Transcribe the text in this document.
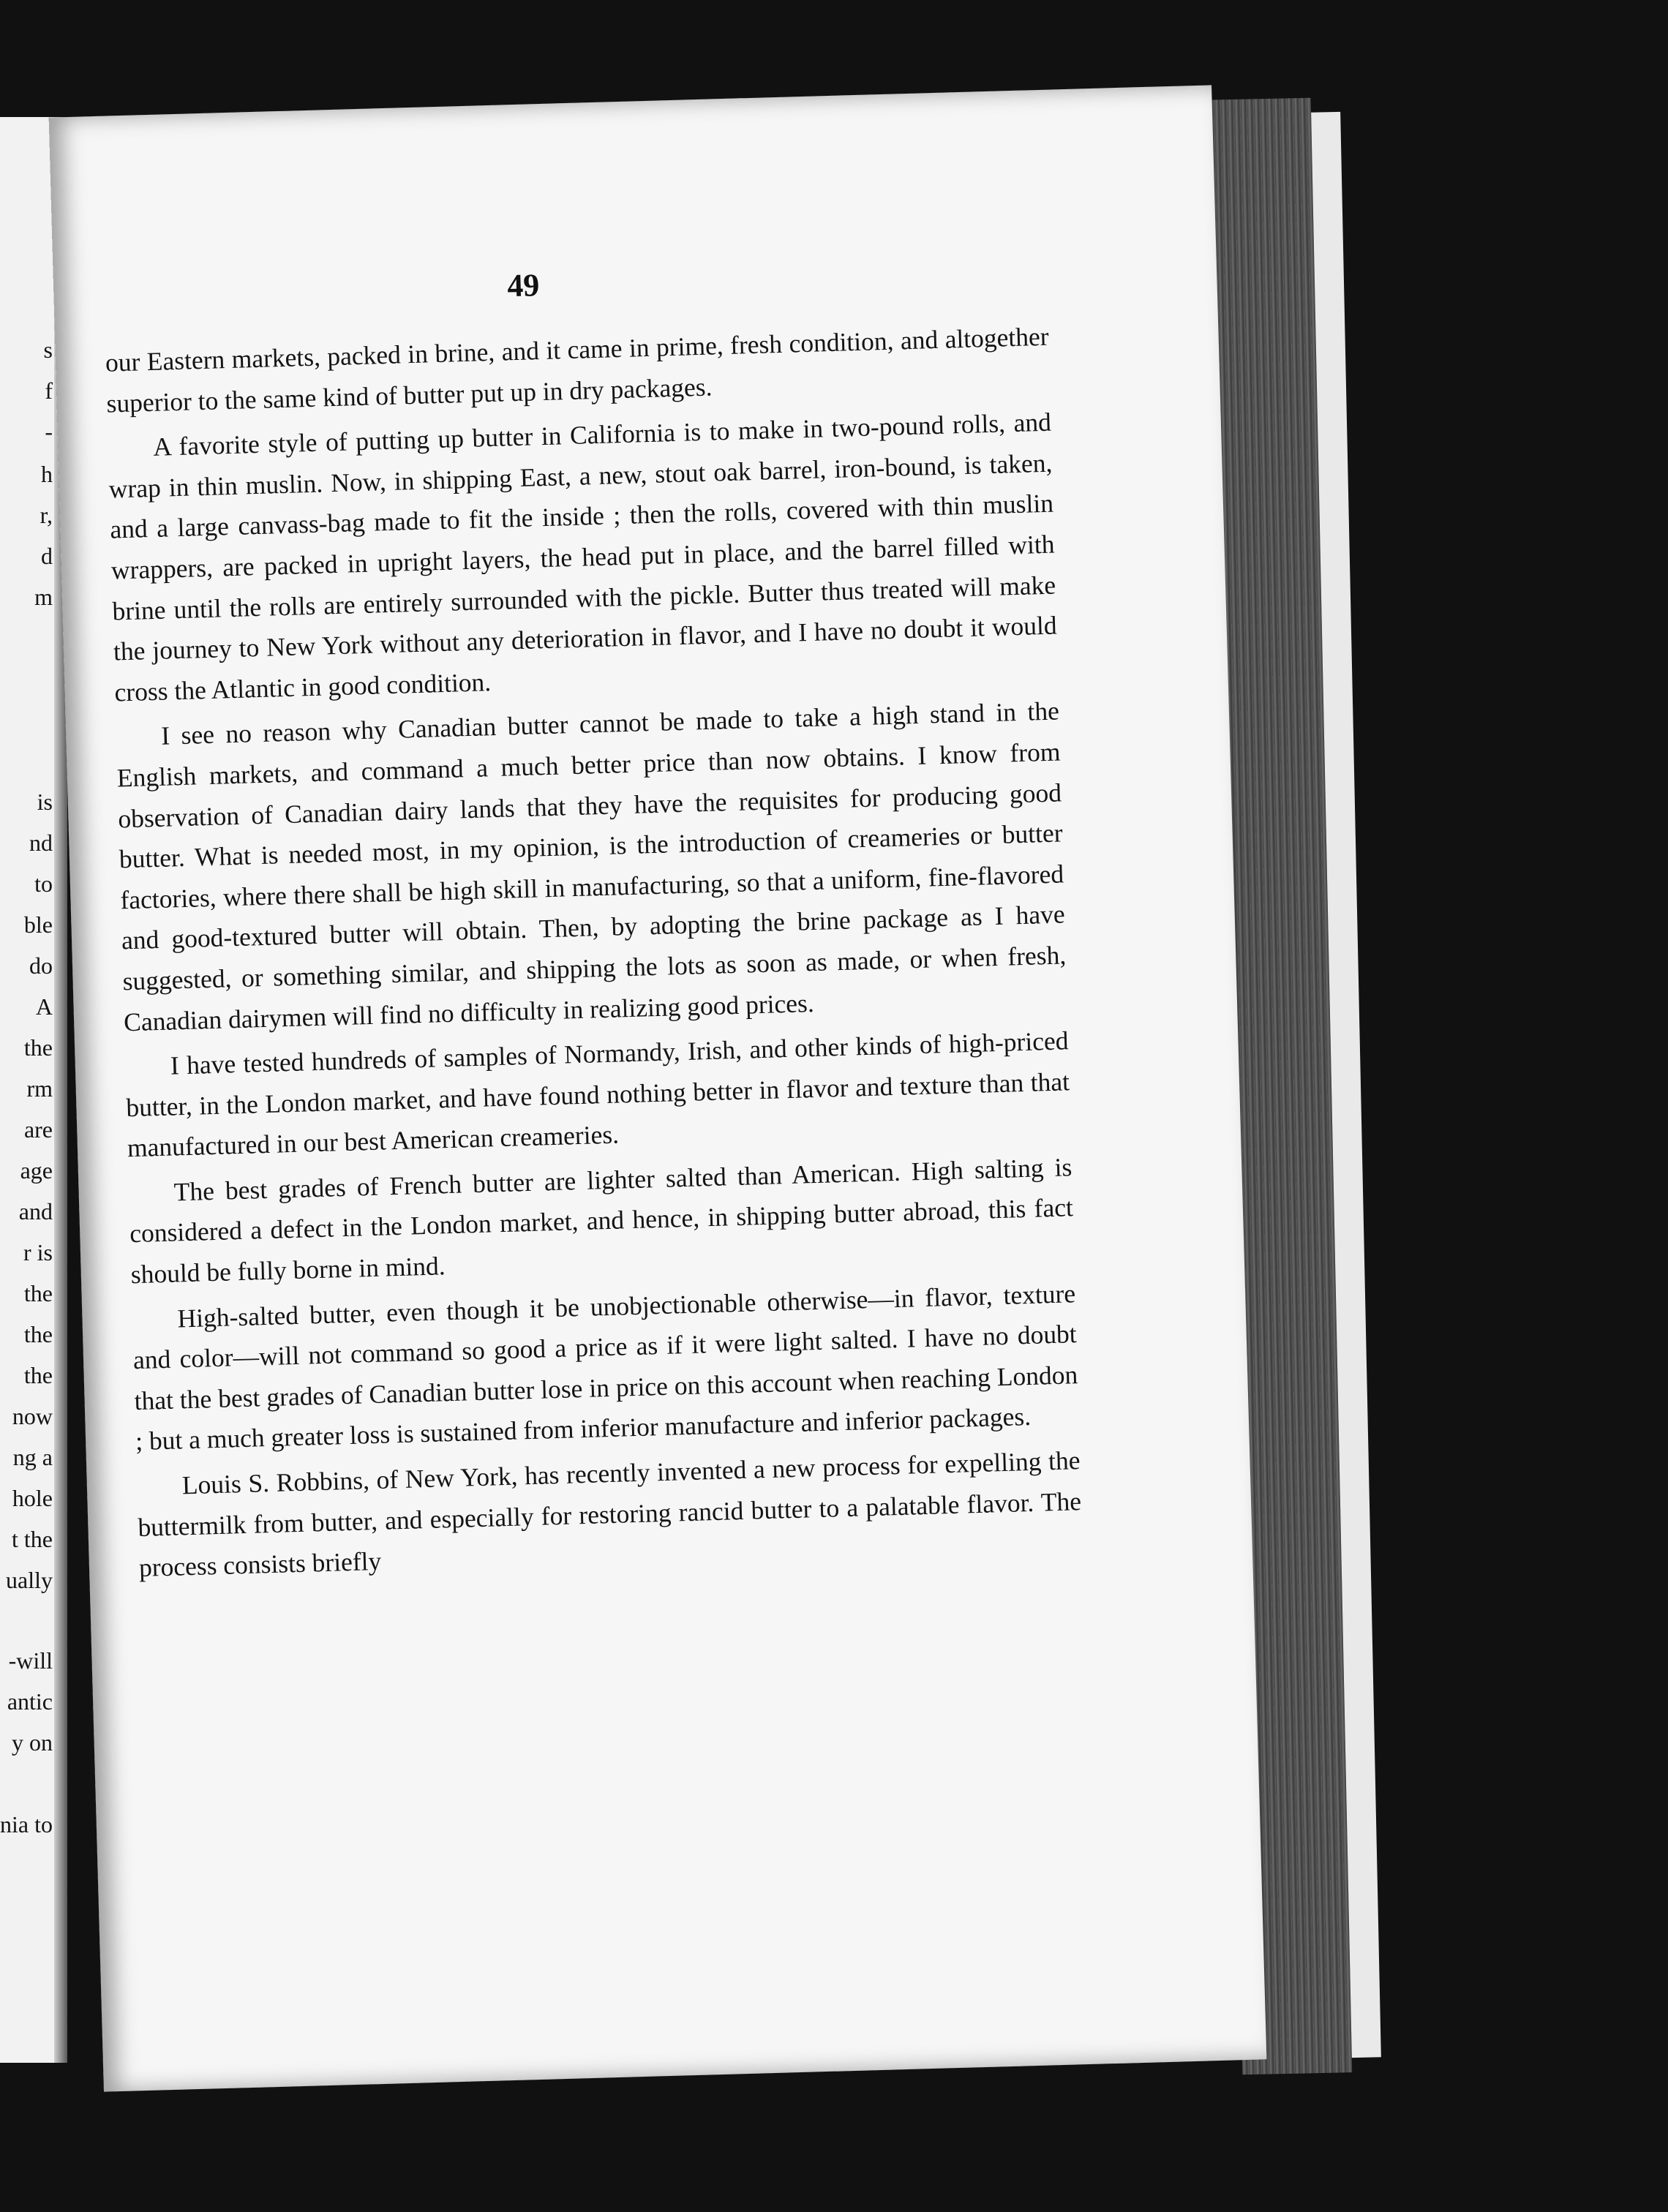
s
f
-
h
r,
d
m
is
nd
to
ble
do
A
the
rm
are
age
and
r is
the
the
the
now
ng a
hole
t the
ually
-will
antic
y on
nia to
49

our Eastern markets, packed in brine, and it came in prime, fresh condition, and altogether superior to the same kind of butter put up in dry packages.

A favorite style of putting up butter in California is to make in two-pound rolls, and wrap in thin muslin. Now, in shipping East, a new, stout oak barrel, iron-bound, is taken, and a large canvass-bag made to fit the inside ; then the rolls, covered with thin muslin wrappers, are packed in upright layers, the head put in place, and the barrel filled with brine until the rolls are entirely surrounded with the pickle. Butter thus treated will make the journey to New York without any deterioration in flavor, and I have no doubt it would cross the Atlantic in good condition.

I see no reason why Canadian butter cannot be made to take a high stand in the English markets, and command a much better price than now obtains. I know from observation of Canadian dairy lands that they have the requisites for producing good butter. What is needed most, in my opinion, is the introduction of creameries or butter factories, where there shall be high skill in manufacturing, so that a uniform, fine-flavored and good-textured butter will obtain. Then, by adopting the brine package as I have suggested, or something similar, and shipping the lots as soon as made, or when fresh, Canadian dairymen will find no difficulty in realizing good prices.

I have tested hundreds of samples of Normandy, Irish, and other kinds of high-priced butter, in the London market, and have found nothing better in flavor and texture than that manufactured in our best American creameries.

The best grades of French butter are lighter salted than American. High salting is considered a defect in the London market, and hence, in shipping butter abroad, this fact should be fully borne in mind.

High-salted butter, even though it be unobjectionable otherwise—in flavor, texture and color—will not command so good a price as if it were light salted. I have no doubt that the best grades of Canadian butter lose in price on this account when reaching London ; but a much greater loss is sustained from inferior manufacture and inferior packages.

Louis S. Robbins, of New York, has recently invented a new process for expelling the buttermilk from butter, and especially for restoring rancid butter to a palatable flavor. The process consists briefly
